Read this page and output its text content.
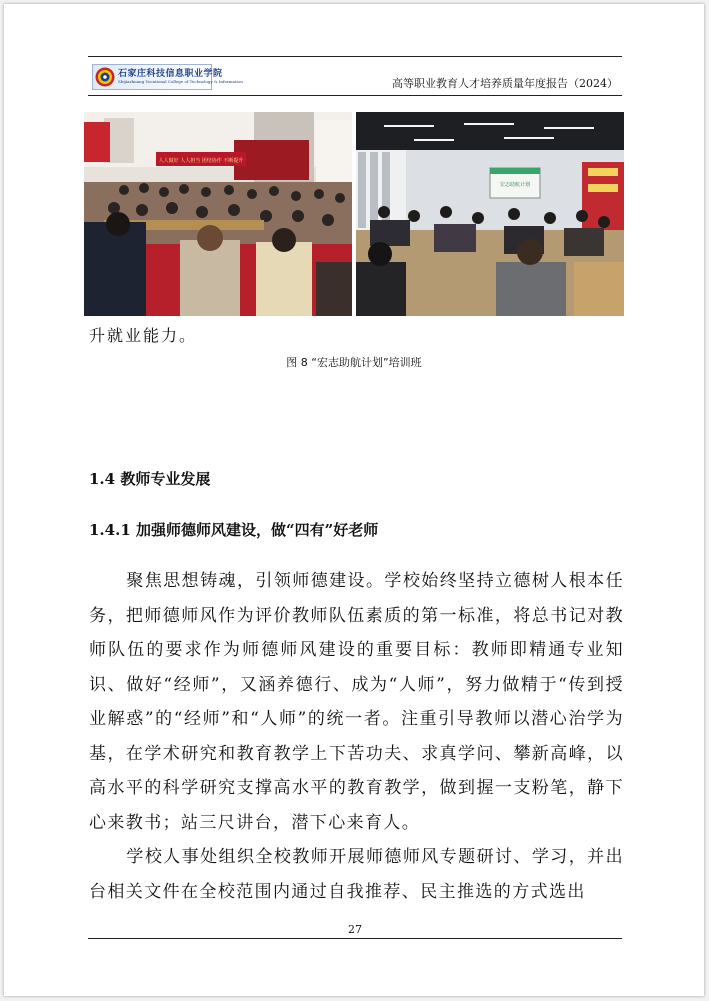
石家庄科技信息职业学院
Shijiazhuang Vocational College of Technology & Information	高等职业教育人才培养质量年度报告（2024）
人人做好 人人担当 团结协作 不断提升
宏志助航计划
升就业能力。
图 8 “宏志助航计划”培训班
1.4 教师专业发展
1.4.1 加强师德师风建设，做“四有”好老师

聚焦思想铸魂，引领师德建设。学校始终坚持立德树人根本任务，把师德师风作为评价教师队伍素质的第一标准，将总书记对教师队伍的要求作为师德师风建设的重要目标：教师即精通专业知识、做好“经师”，又涵养德行、成为“人师”，努力做精于“传到授业解惑”的“经师”和“人师”的统一者。注重引导教师以潜心治学为基，在学术研究和教育教学上下苦功夫、求真学问、攀新高峰，以高水平的科学研究支撑高水平的教育教学，做到握一支粉笔，静下心来教书；站三尺讲台，潜下心来育人。

学校人事处组织全校教师开展师德师风专题研讨、学习，并出台相关文件在全校范围内通过自我推荐、民主推选的方式选出

27
